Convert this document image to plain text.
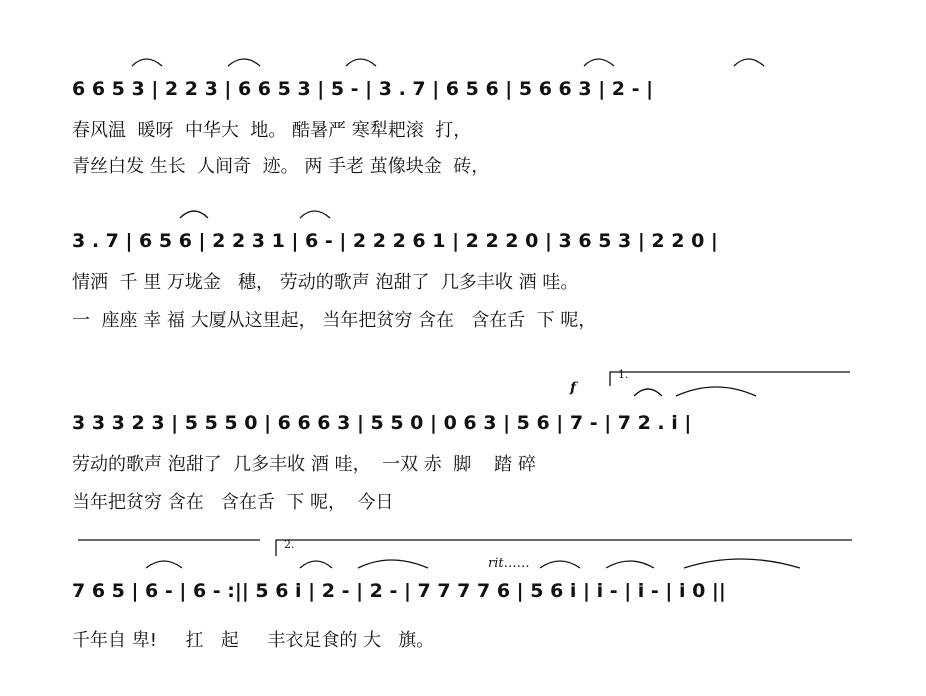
6 6 5 3 | 2 2 3 | 6 6 5 3 | 5 - | 3 . 7 | 6 5 6 | 5 6 6 3 | 2 - |
春风温  暖呀  中华大  地。 酷暑严 寒犁耙滚  打，
青丝白发 生长  人间奇  迹。 两 手老 茧像块金  砖，
3 . 7 | 6 5 6 | 2 2 3 1 | 6 - | 2 2 2 6 1 | 2 2 2 0 | 3 6 5 3 | 2 2 0 |
情洒  千 里 万垅金   穗， 劳动的歌声 泡甜了  几多丰收 酒 哇。
一  座座 幸 福 大厦从这里起， 当年把贫穷 含在   含在舌  下 呢，
f
1.
3 3 3 2 3 | 5 5 5 0 | 6 6 6 3 | 5 5 0 | 0 6 3 | 5 6 | 7 - | 7 2 . i |
劳动的歌声 泡甜了  几多丰收 酒 哇，  一双 赤  脚    踏 碎
当年把贫穷 含在   含在舌  下 呢，  今日
2.
rit……
7 6 5 | 6 - | 6 - :|| 5 6 i | 2 - | 2 - | 7 7 7 7 6 | 5 6 i | i - | i - | i 0 ||
千年自 卑!     扛   起     丰衣足食的 大   旗。
